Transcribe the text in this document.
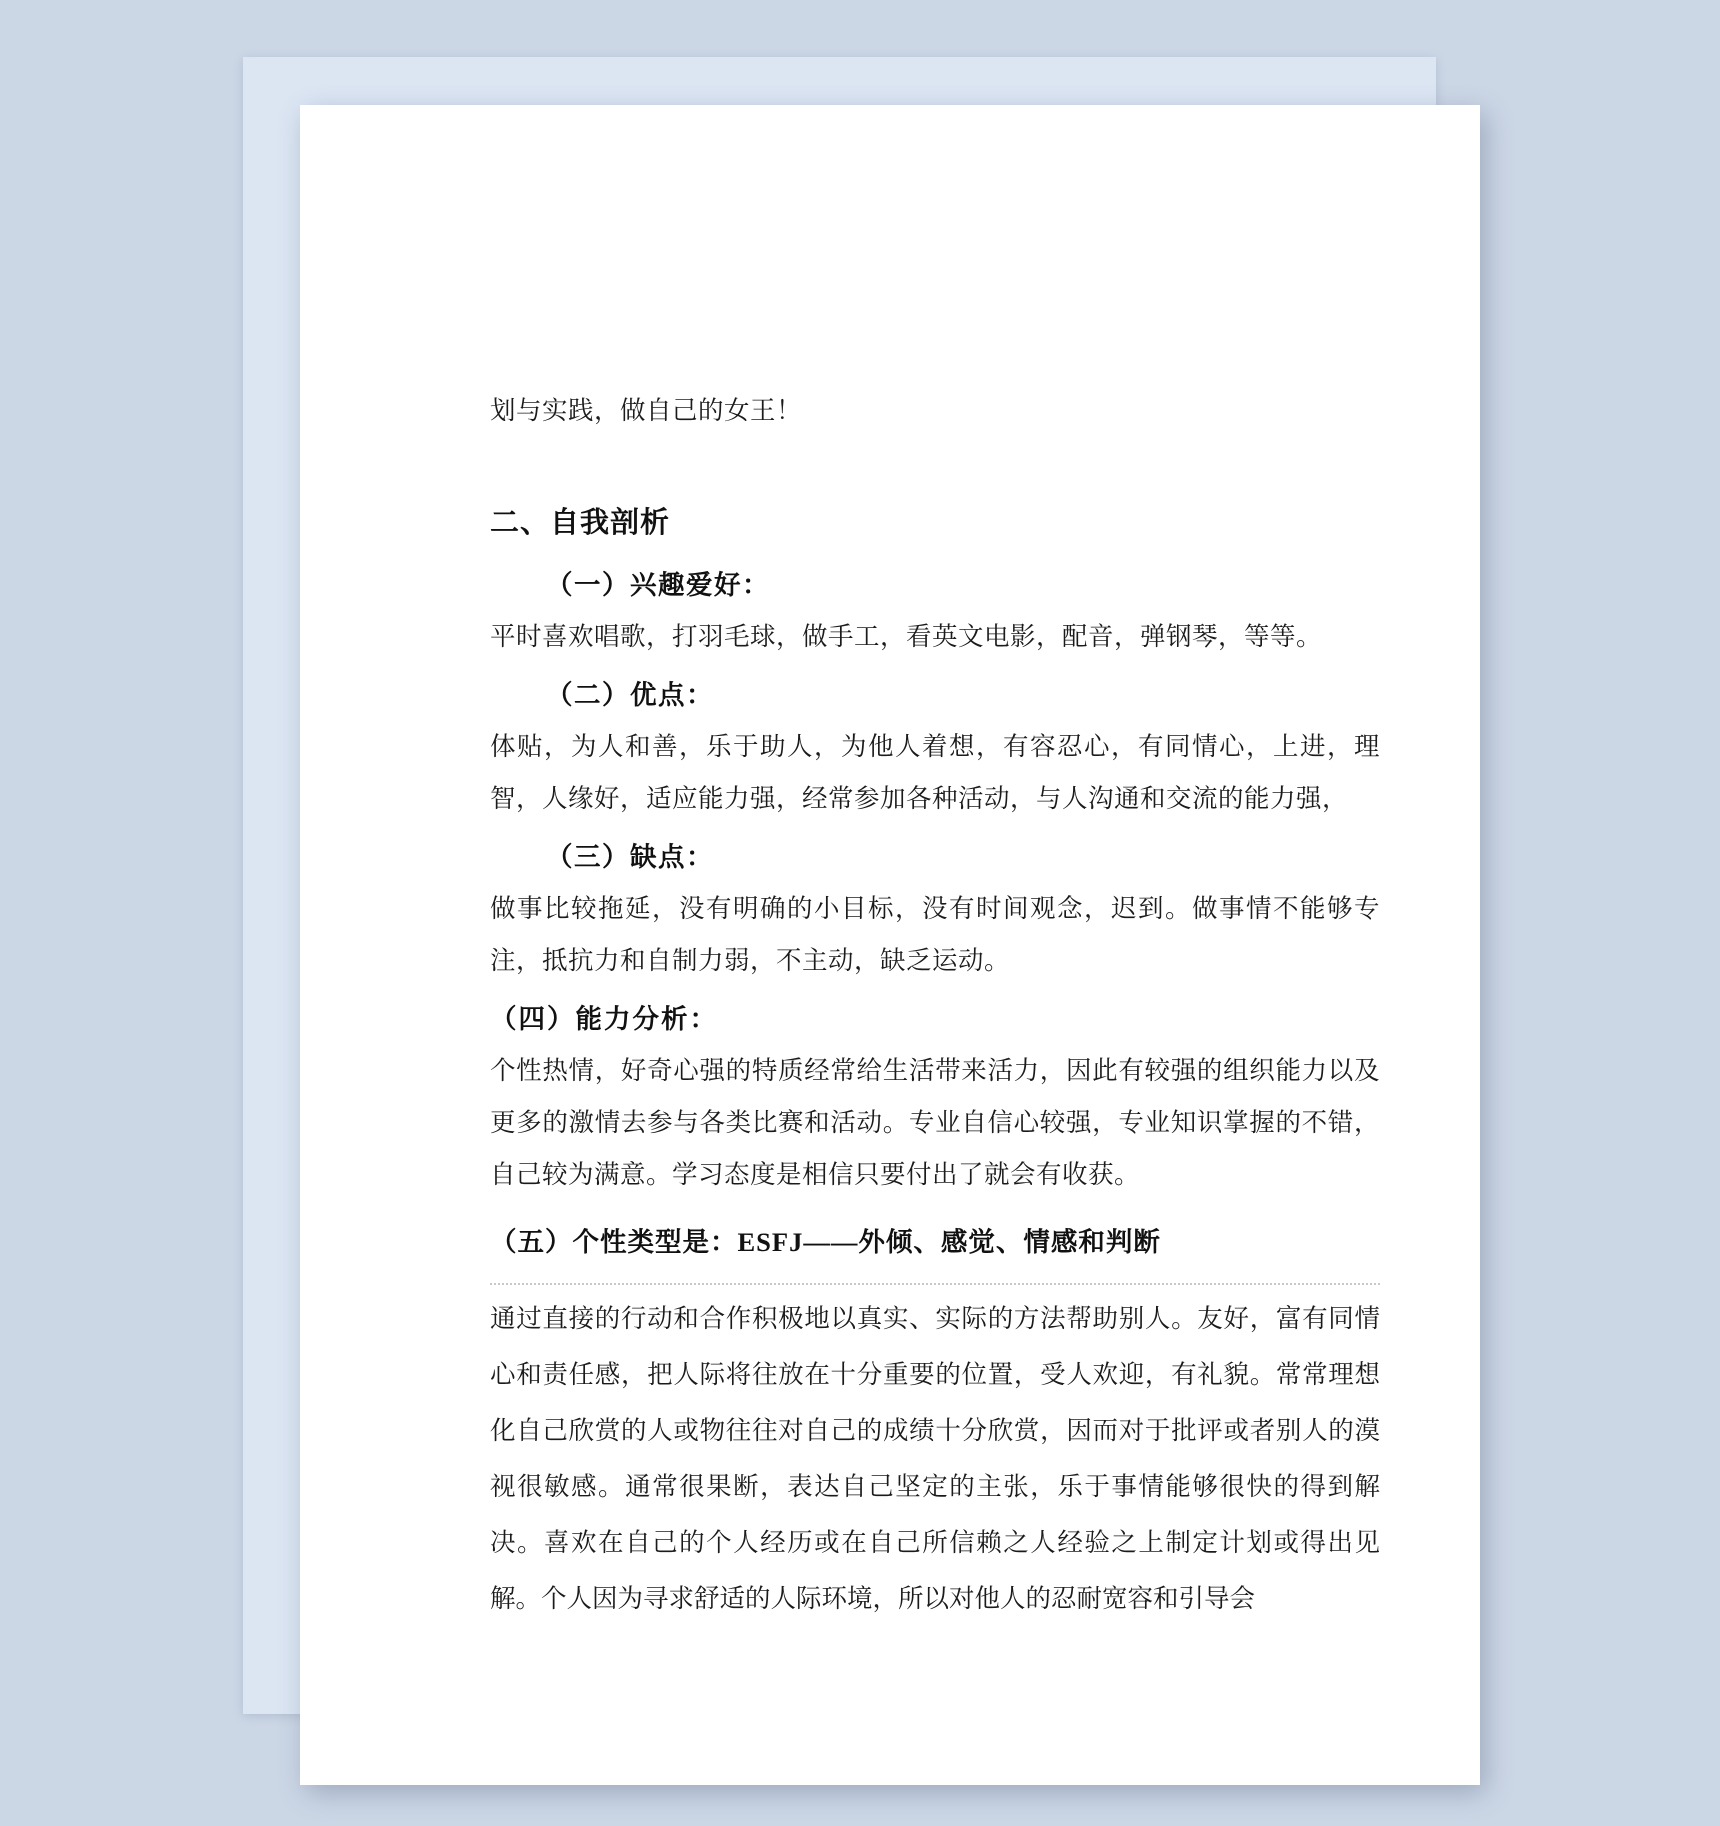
划与实践，做自己的女王！

二、自我剖析
（一）兴趣爱好：

平时喜欢唱歌，打羽毛球，做手工，看英文电影，配音，弹钢琴，等等。

（二）优点：

体贴，为人和善，乐于助人，为他人着想，有容忍心，有同情心，上进，理智，人缘好，适应能力强，经常参加各种活动，与人沟通和交流的能力强，

（三）缺点：

做事比较拖延，没有明确的小目标，没有时间观念，迟到。做事情不能够专注，抵抗力和自制力弱，不主动，缺乏运动。

（四）能力分析：

个性热情，好奇心强的特质经常给生活带来活力，因此有较强的组织能力以及更多的激情去参与各类比赛和活动。专业自信心较强，专业知识掌握的不错，自己较为满意。学习态度是相信只要付出了就会有收获。

（五）个性类型是：ESFJ——外倾、感觉、情感和判断

通过直接的行动和合作积极地以真实、实际的方法帮助别人。友好，富有同情心和责任感，把人际将往放在十分重要的位置，受人欢迎，有礼貌。常常理想化自己欣赏的人或物往往对自己的成绩十分欣赏，因而对于批评或者别人的漠视很敏感。通常很果断，表达自己坚定的主张，乐于事情能够很快的得到解决。喜欢在自己的个人经历或在自己所信赖之人经验之上制定计划或得出见解。个人因为寻求舒适的人际环境，所以对他人的忍耐宽容和引导会
